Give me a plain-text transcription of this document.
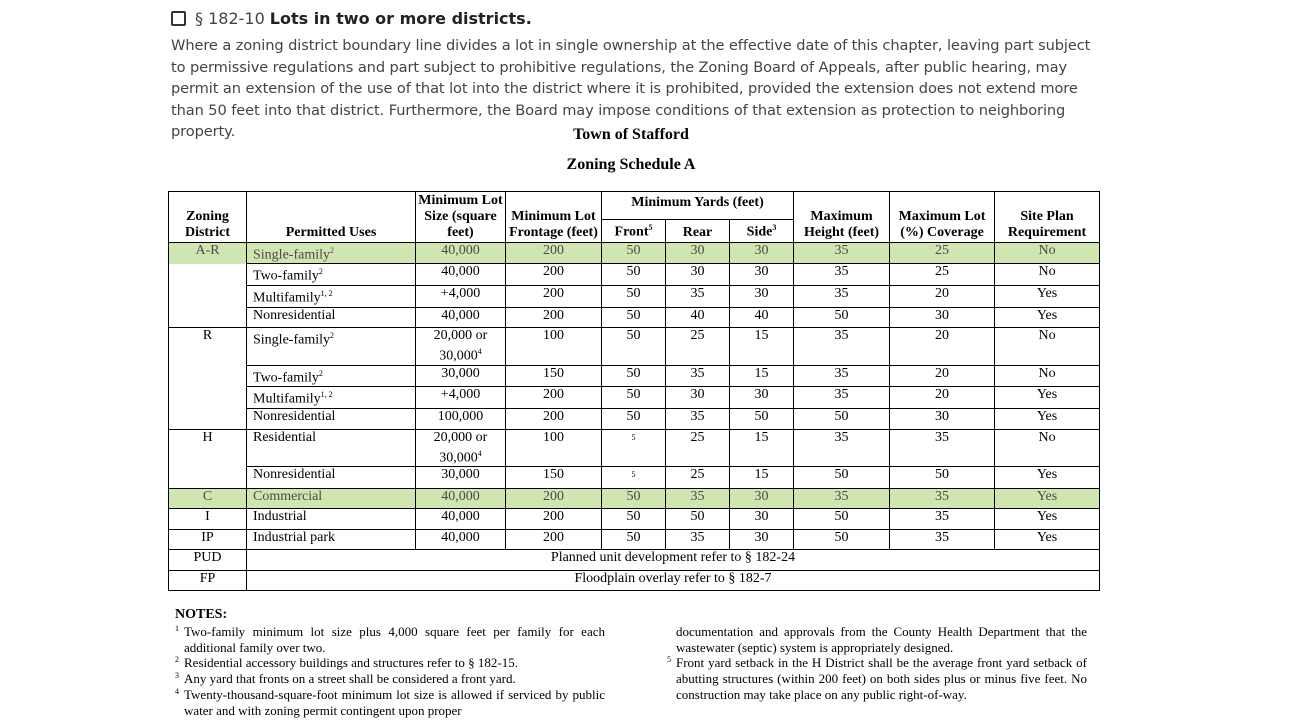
§ 182-10 Lots in two or more districts.
Where a zoning district boundary line divides a lot in single ownership at the effective date of this chapter, leaving part subject to permissive regulations and part subject to prohibitive regulations, the Zoning Board of Appeals, after public hearing, may permit an extension of the use of that lot into the district where it is prohibited, provided the extension does not extend more than 50 feet into that district. Furthermore, the Board may impose conditions of that extension as protection to neighboring property.	Town of Stafford
Zoning Schedule A
Zoning District	Permitted Uses	Minimum Lot Size (square feet)	Minimum Lot Frontage (feet)	Minimum Yards (feet)			Maximum Height (feet)	Maximum Lot (%) Coverage	Site Plan Requirement
				Front$^5$	Rear	Side$^3$
A-R	Single-family$^2$	40,000	200	50	30	30	35	25	No
	Two-family$^2$	40,000	200	50	30	30	35	25	No
	Multifamily$^{1, 2}$	+4,000	200	50	35	30	35	20	Yes
	Nonresidential	40,000	200	50	40	40	50	30	Yes
R	Single-family$^2$	20,000 or 30,000$^4$	100	50	25	15	35	20	No
	Two-family$^2$	30,000	150	50	35	15	35	20	No
	Multifamily$^{1, 2}$	+4,000	200	50	30	30	35	20	Yes
	Nonresidential	100,000	200	50	35	50	50	30	Yes
H	Residential	20,000 or 30,000$^4$	100	$^5$	25	15	35	35	No
	Nonresidential	30,000	150	$^5$	25	15	50	50	Yes
C	Commercial	40,000	200	50	35	30	35	35	Yes
I	Industrial	40,000	200	50	50	30	50	35	Yes
IP	Industrial park	40,000	200	50	35	30	50	35	Yes
PUD	Planned unit development refer to § 182-24								
FP	Floodplain overlay refer to § 182-7								
NOTES:
1 Two-family minimum lot size plus 4,000 square feet per family for each additional family over two.
2 Residential accessory buildings and structures refer to § 182-15.
3 Any yard that fronts on a street shall be considered a front yard.
4 Twenty-thousand-square-foot minimum lot size is allowed if serviced by public water and with zoning permit contingent upon proper
documentation and approvals from the County Health Department that the wastewater (septic) system is appropriately designed.
5 Front yard setback in the H District shall be the average front yard setback of abutting structures (within 200 feet) on both sides plus or minus five feet. No construction may take place on any public right-of-way.
